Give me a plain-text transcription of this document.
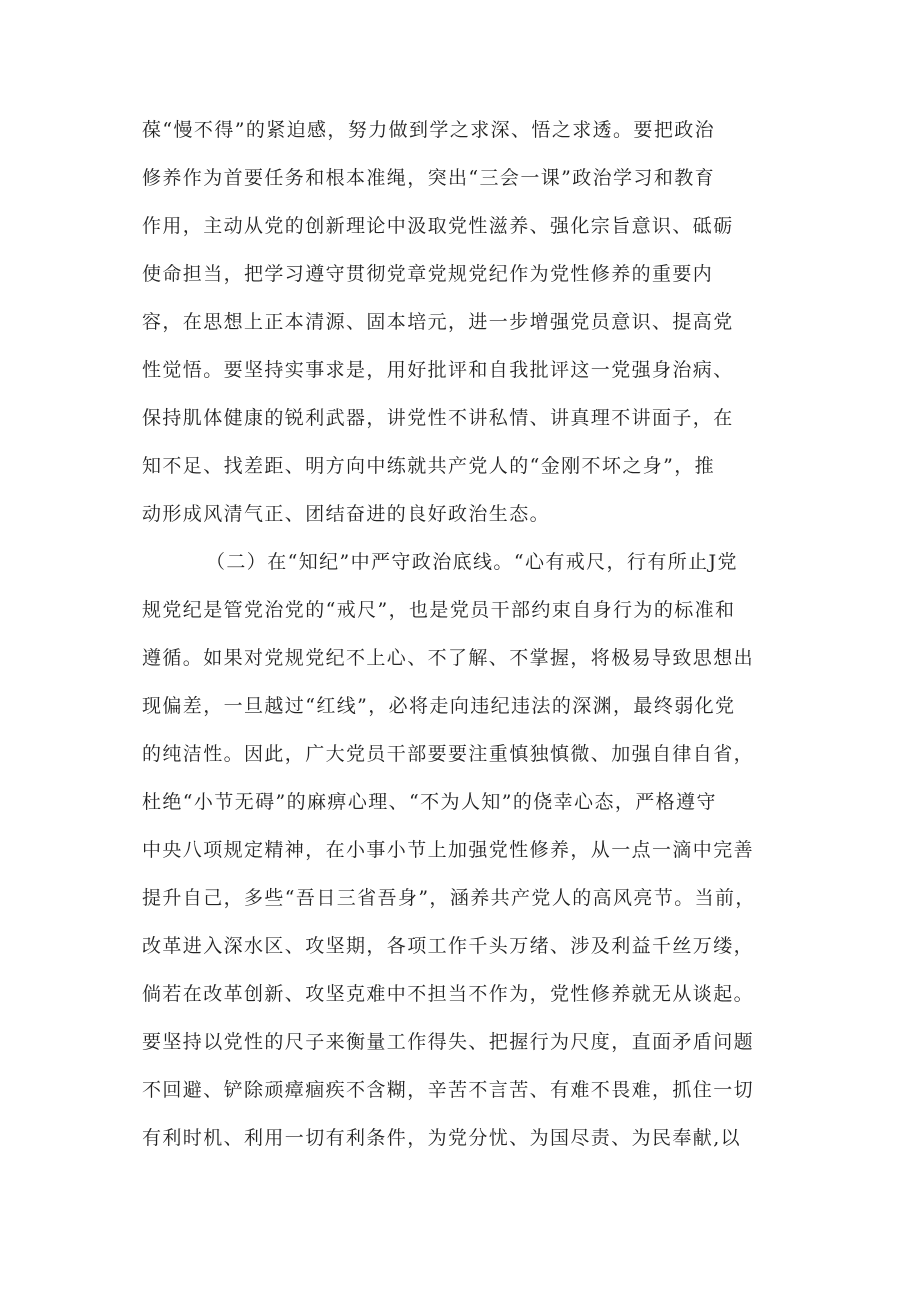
葆“慢不得”的紧迫感，努力做到学之求深、悟之求透。要把政治
修养作为首要任务和根本准绳，突出“三会一课”政治学习和教育
作用，主动从党的创新理论中汲取党性滋养、强化宗旨意识、砥砺
使命担当，把学习遵守贯彻党章党规党纪作为党性修养的重要内
容，在思想上正本清源、固本培元，进一步增强党员意识、提高党
性觉悟。要坚持实事求是，用好批评和自我批评这一党强身治病、
保持肌体健康的锐利武器，讲党性不讲私情、讲真理不讲面子，在
知不足、找差距、明方向中练就共产党人的“金刚不坏之身”，推
动形成风清气正、团结奋进的良好政治生态。
（二）在“知纪”中严守政治底线。“心有戒尺，行有所止J党
规党纪是管党治党的“戒尺”，也是党员干部约束自身行为的标准和
遵循。如果对党规党纪不上心、不了解、不掌握，将极易导致思想出
现偏差，一旦越过“红线”，必将走向违纪违法的深渊，最终弱化党
的纯洁性。因此，广大党员干部要要注重慎独慎微、加强自律自省，
杜绝“小节无碍”的麻痹心理、“不为人知”的侥幸心态，严格遵守
中央八项规定精神，在小事小节上加强党性修养，从一点一滴中完善
提升自己，多些“吾日三省吾身”，涵养共产党人的高风亮节。当前，
改革进入深水区、攻坚期，各项工作千头万绪、涉及利益千丝万缕，
倘若在改革创新、攻坚克难中不担当不作为，党性修养就无从谈起。
要坚持以党性的尺子来衡量工作得失、把握行为尺度，直面矛盾问题
不回避、铲除顽瘴痼疾不含糊，辛苦不言苦、有难不畏难，抓住一切
有利时机、利用一切有利条件，为党分忧、为国尽责、为民奉献,以
